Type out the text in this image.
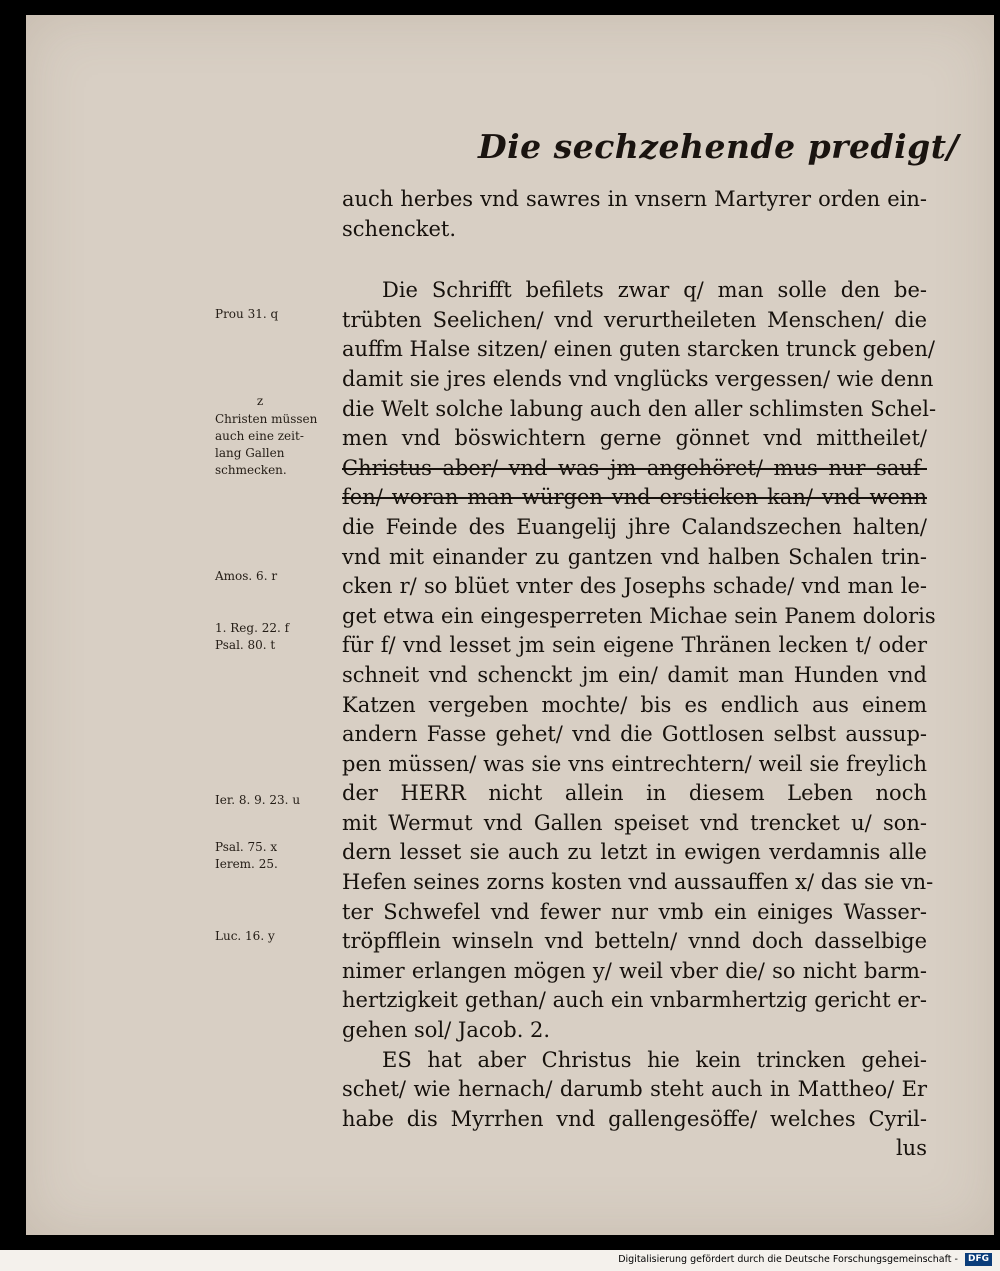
Die sechzehende predigt/
Prou 31. q
z
Christen müssen
auch eine zeit-
lang Gallen
schmecken.
Amos. 6. r
1. Reg. 22. f
Psal. 80. t
Ier. 8. 9. 23. u
Psal. 75. x
Ierem. 25.
Luc. 16. y
auch herbes vnd sawres in vnsern Martyrer orden ein-
schencket.
Die Schrifft befilets zwar q/ man solle den be-
trübten Seelichen/ vnd verurtheileten Menschen/ die
auffm Halse sitzen/ einen guten starcken trunck geben/
damit sie jres elends vnd vnglücks vergessen/ wie denn
die Welt solche labung auch den aller schlimsten Schel-
men vnd böswichtern gerne gönnet vnd mittheilet/
Christus aber/ vnd was jm angehöret/ mus nur sauf-
fen/ woran man würgen vnd ersticken kan/ vnd wenn
die Feinde des Euangelij jhre Calandszechen halten/
vnd mit einander zu gantzen vnd halben Schalen trin-
cken r/ so blüet vnter des Josephs schade/ vnd man le-
get etwa ein eingesperreten Michae sein Panem doloris
für f/ vnd lesset jm sein eigene Thränen lecken t/ oder
schneit vnd schenckt jm ein/ damit man Hunden vnd
Katzen vergeben mochte/ bis es endlich aus einem
andern Fasse gehet/ vnd die Gottlosen selbst aussup-
pen müssen/ was sie vns eintrechtern/ weil sie freylich
der HERR nicht allein in diesem Leben noch
mit Wermut vnd Gallen speiset vnd trencket u/ son-
dern lesset sie auch zu letzt in ewigen verdamnis alle
Hefen seines zorns kosten vnd aussauffen x/ das sie vn-
ter Schwefel vnd fewer nur vmb ein einiges Wasser-
tröpfflein winseln vnd betteln/ vnnd doch dasselbige
nimer erlangen mögen y/ weil vber die/ so nicht barm-
hertzigkeit gethan/ auch ein vnbarmhertzig gericht er-
gehen sol/ Jacob. 2.
ES hat aber Christus hie kein trincken gehei-
schet/ wie hernach/ darumb steht auch in Mattheo/ Er
habe dis Myrrhen vnd gallengesöffe/ welches Cyril-
lus
Digitalisierung gefördert durch die Deutsche Forschungsgemeinschaft - DFG
